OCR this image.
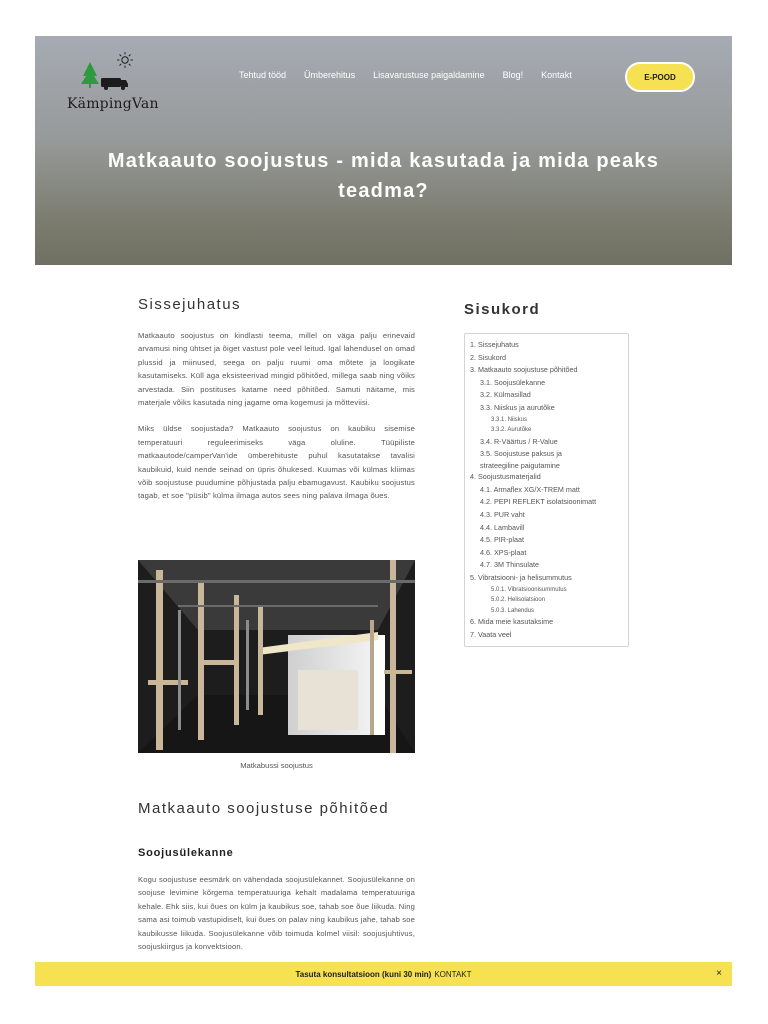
KämpingVan
Tehtud tööd Ümberehitus Lisavarustuse paigaldamine Blog! Kontakt	E-POOD
Matkaauto soojustus - mida kasutada ja mida peaks teadma?
Sissejuhatus

Matkaauto soojustus on kindlasti teema, millel on väga palju erinevaid arvamusi ning ühtset ja õiget vastust pole veel leitud. Igal lahendusel on omad plussid ja miinused, seega on palju ruumi oma mõtete ja loogikate kasutamiseks. Küll aga eksisteerivad mingid põhitõed, millega saab ning võiks arvestada. Siin postituses katame need põhitõed. Samuti näitame, mis materjale võiks kasutada ning jagame oma kogemusi ja mõtteviisi.

Miks üldse soojustada? Matkaauto soojustus on kaubiku sisemise temperatuuri reguleerimiseks väga oluline. Tüüpiliste matkaautode/camperVan'ide ümberehituste puhul kasutatakse tavalisi kaubikuid, kuid nende seinad on üpris õhukesed. Kuumas või külmas kliimas võib soojustuse puudumine põhjustada palju ebamugavust. Kaubiku soojustus tagab, et soe "püsib" külma ilmaga autos sees ning palava ilmaga õues.

Matkabussi soojustus
Matkaauto soojustuse põhitõed
Soojusülekanne

Kogu soojustuse eesmärk on vähendada soojusülekannet. Soojusülekanne on soojuse levimine kõrgema temperatuuriga kehalt madalama temperatuuriga kehale. Ehk siis, kui õues on külm ja kaubikus soe, tahab soe õue liikuda. Ning sama asi toimub vastupidiselt, kui õues on palav ning kaubikus jahe, tahab soe kaubikusse liikuda. Soojusülekanne võib toimuda kolmel viisil: soojusjuhtivus, soojuskiirgus ja konvektsioon.

Sisukord
1. Sissejuhatus
2. Sisukord
3. Matkaauto soojustuse põhitõed
3.1. Soojusülekanne
3.2. Külmasillad
3.3. Niiskus ja aurutõke
3.3.1. Niiskus
3.3.2. Aurutõke
3.4. R-Väärtus / R-Value
3.5. Soojustuse paksus ja strateegiline paigutamine
4. Soojustusmaterjalid
4.1. Armaflex XG/X-TREM matt
4.2. PEPI REFLEKT isolatsioonimatt
4.3. PUR vaht
4.4. Lambavill
4.5. PIR-plaat
4.6. XPS-plaat
4.7. 3M Thinsulate
5. Vibratsiooni- ja helisummutus
5.0.1. Vibratsioonisummutus
5.0.2. Helisolatsioon
5.0.3. Lahendus
6. Mida meie kasutaksime
7. Vaata veel
Tasuta konsultatsioon (kuni 30 min) KONTAKT	×
